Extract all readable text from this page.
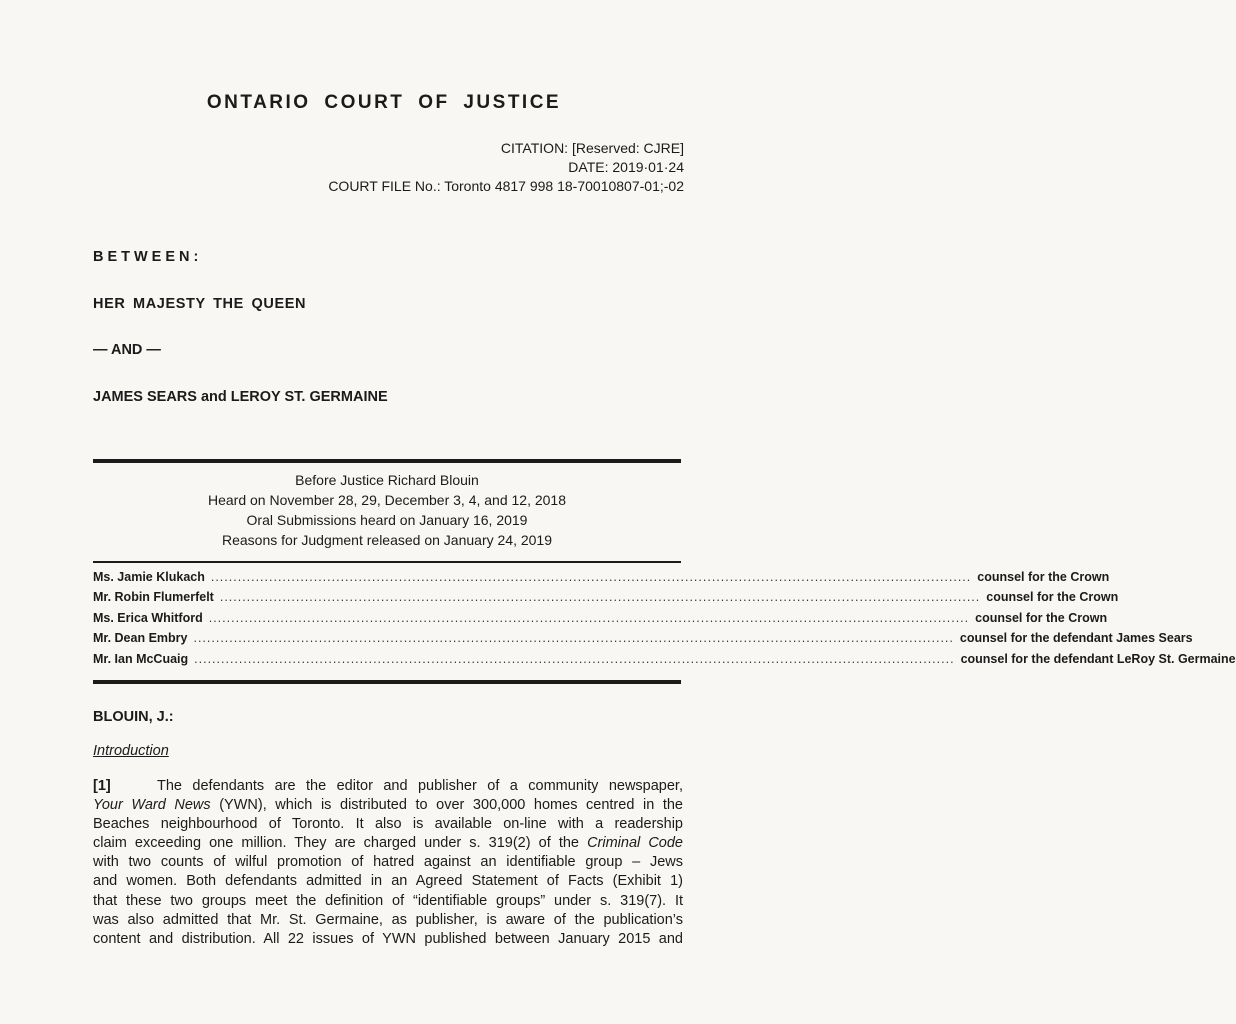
ONTARIO COURT OF JUSTICE
CITATION: [Reserved: CJRE]
DATE: 2019·01·24
COURT FILE No.: Toronto 4817 998 18-70010807-01;-02
BETWEEN:
HER MAJESTY THE QUEEN
— AND —
JAMES SEARS and LEROY ST. GERMAINE
Before Justice Richard Blouin
Heard on November 28, 29, December 3, 4, and 12, 2018
Oral Submissions heard on January 16, 2019
Reasons for Judgment released on January 24, 2019
Ms. Jamie Klukach .......................................................................................................................................................................... counsel for the Crown
Mr. Robin Flumerfelt .......................................................................................................................................................................... counsel for the Crown
Ms. Erica Whitford .......................................................................................................................................................................... counsel for the Crown
Mr. Dean Embry .......................................................................................................................................................................... counsel for the defendant James Sears
Mr. Ian McCuaig .......................................................................................................................................................................... counsel for the defendant LeRoy St. Germaine
BLOUIN, J.:
Introduction
[1]	The defendants are the editor and publisher of a community newspaper,
Your Ward News (YWN), which is distributed to over 300,000 homes centred in the
Beaches neighbourhood of Toronto. It also is available on-line with a readership
claim exceeding one million. They are charged under s. 319(2) of the Criminal Code
with two counts of wilful promotion of hatred against an identifiable group – Jews
and women. Both defendants admitted in an Agreed Statement of Facts (Exhibit 1)
that these two groups meet the definition of “identifiable groups” under s. 319(7). It
was also admitted that Mr. St. Germaine, as publisher, is aware of the publication’s
content and distribution. All 22 issues of YWN published between January 2015 and
